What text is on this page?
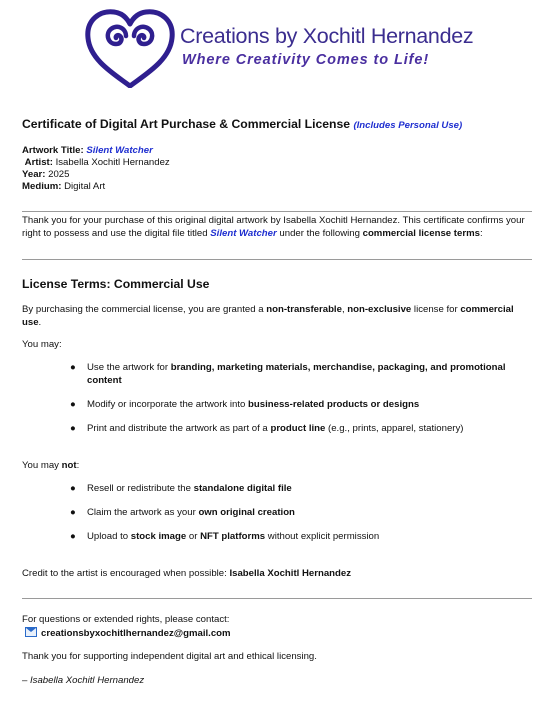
Creations by Xochitl Hernandez
Where Creativity Comes to Life!

Certificate of Digital Art Purchase & Commercial License (Includes Personal Use)

Artwork Title: Silent Watcher
Artist: Isabella Xochitl Hernandez
Year: 2025
Medium: Digital Art
Thank you for your purchase of this original digital artwork by Isabella Xochitl Hernandez. This certificate confirms your right to possess and use the digital file titled Silent Watcher under the following commercial license terms:
License Terms: Commercial Use
By purchasing the commercial license, you are granted a non-transferable, non-exclusive license for commercial use.
You may:
● Use the artwork for branding, marketing materials, merchandise, packaging, and promotional content
● Modify or incorporate the artwork into business-related products or designs
● Print and distribute the artwork as part of a product line (e.g., prints, apparel, stationery)
You may not:
● Resell or redistribute the standalone digital file
● Claim the artwork as your own original creation
● Upload to stock image or NFT platforms without explicit permission
Credit to the artist is encouraged when possible: Isabella Xochitl Hernandez
For questions or extended rights, please contact:
creationsbyxochitlhernandez@gmail.com
Thank you for supporting independent digital art and ethical licensing.
– Isabella Xochitl Hernandez
